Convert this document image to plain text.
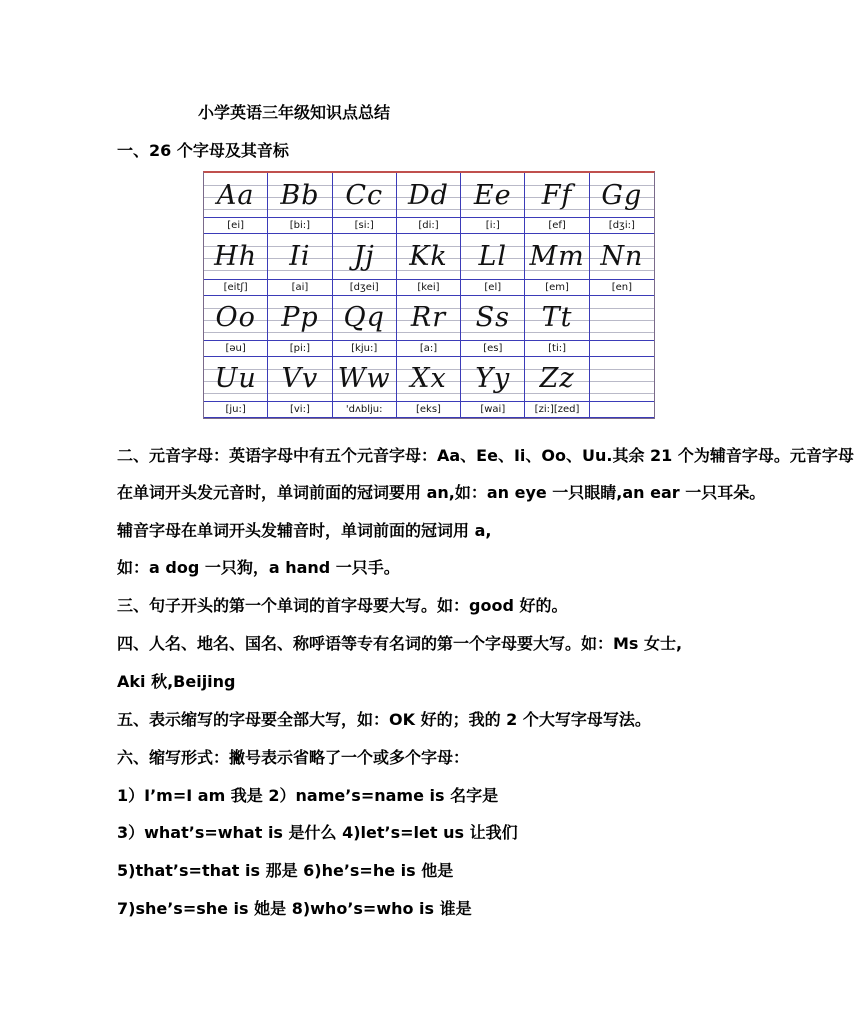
小学英语三年级知识点总结
一、26 个字母及其音标
Aa
[ei]
Bb
[bi:]
Cc
[si:]
Dd
[di:]
Ee
[i:]
Ff
[ef]
Gg
[dʒi:]
Hh
[eitʃ]
Ii
[ai]
Jj
[dʒei]
Kk
[kei]
Ll
[el]
Mm
[em]
Nn
[en]
Oo
[əu]
Pp
[pi:]
Qq
[kju:]
Rr
[a:]
Ss
[es]
Tt
[ti:]
Uu
[ju:]
Vv
[vi:]
Ww
'dʌblju:
Xx
[eks]
Yy
[wai]
Zz
[zi:][zed]
二、元音字母：英语字母中有五个元音字母：Aa、Ee、Ii、Oo、Uu.其余 21 个为辅音字母。元音字母
在单词开头发元音时，单词前面的冠词要用 an,如：an eye 一只眼睛,an ear 一只耳朵。
辅音字母在单词开头发辅音时，单词前面的冠词用 a,
如：a dog 一只狗，a hand 一只手。
三、句子开头的第一个单词的首字母要大写。如：good 好的。
四、人名、地名、国名、称呼语等专有名词的第一个字母要大写。如：Ms 女士,
Aki 秋,Beijing
五、表示缩写的字母要全部大写，如：OK 好的；我的 2 个大写字母写法。
六、缩写形式：撇号表示省略了一个或多个字母：
1）I’m=I am 我是 2）name’s=name is 名字是
3）what’s=what is 是什么 4)let’s=let us 让我们
5)that’s=that is 那是 6)he’s=he is 他是
7)she’s=she is 她是 8)who’s=who is 谁是
